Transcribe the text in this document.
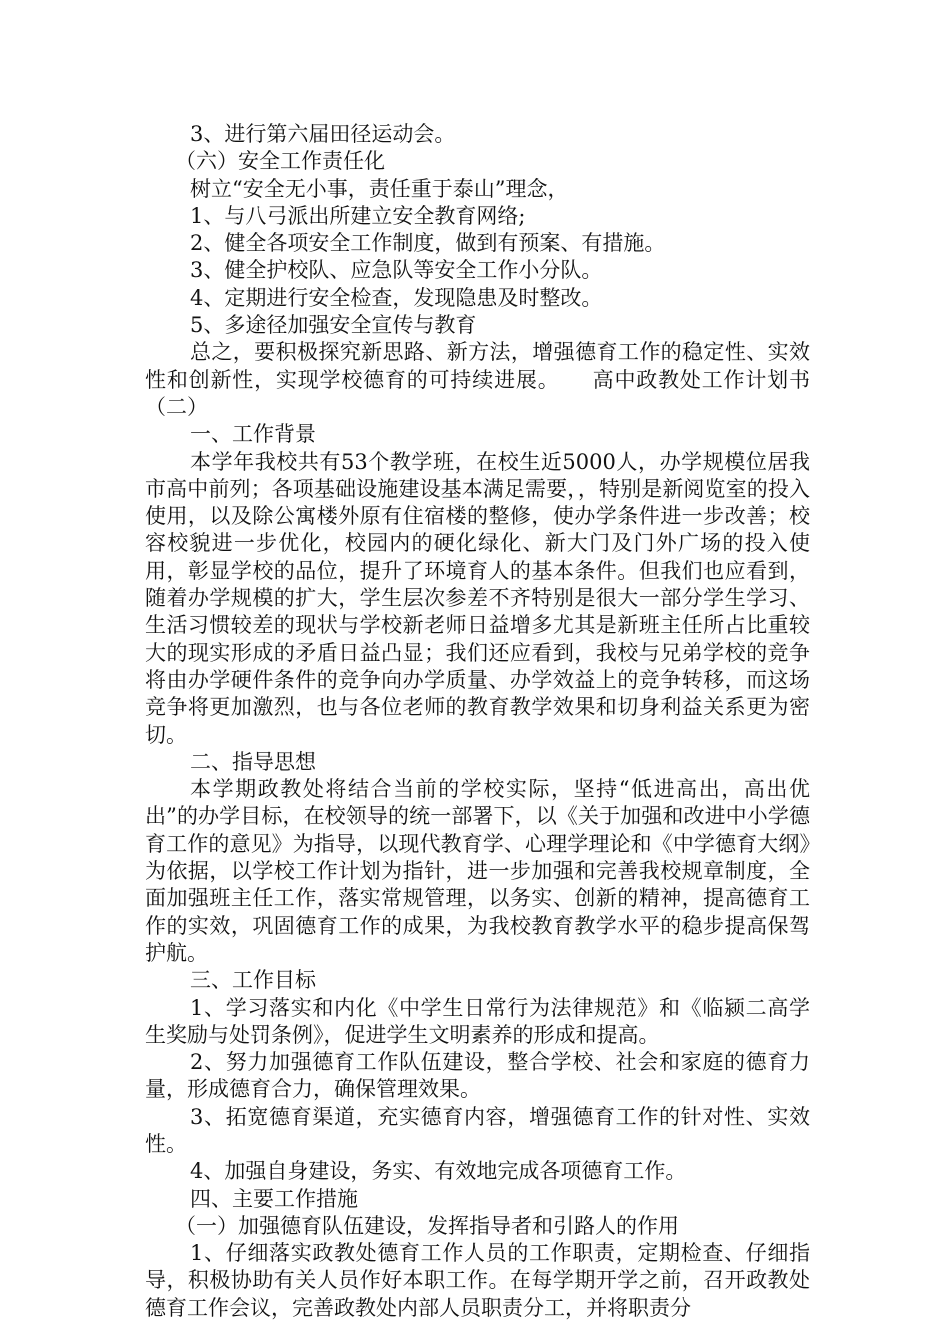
3、进行第六届田径运动会。

（六）安全工作责任化

树立“安全无小事，责任重于泰山”理念，

1、与八弓派出所建立安全教育网络;

2、健全各项安全工作制度，做到有预案、有措施。

3、健全护校队、应急队等安全工作小分队。

4、定期进行安全检查，发现隐患及时整改。

5、多途径加强安全宣传与教育

总之，要积极探究新思路、新方法，增强德育工作的稳定性、实效性和创新性，实现学校德育的可持续进展。　　高中政教处工作计划书（二）

一、工作背景

本学年我校共有53个教学班，在校生近5000人，办学规模位居我市高中前列；各项基础设施建设基本满足需要，，特别是新阅览室的投入使用，以及除公寓楼外原有住宿楼的整修，使办学条件进一步改善；校容校貌进一步优化，校园内的硬化绿化、新大门及门外广场的投入使用，彰显学校的品位，提升了环境育人的基本条件。但我们也应看到，随着办学规模的扩大，学生层次参差不齐特别是很大一部分学生学习、生活习惯较差的现状与学校新老师日益增多尤其是新班主任所占比重较大的现实形成的矛盾日益凸显；我们还应看到，我校与兄弟学校的竞争将由办学硬件条件的竞争向办学质量、办学效益上的竞争转移，而这场竞争将更加激烈，也与各位老师的教育教学效果和切身利益关系更为密切。

二、指导思想

本学期政教处将结合当前的学校实际，坚持“低进高出，高出优出”的办学目标，在校领导的统一部署下，以《关于加强和改进中小学德育工作的意见》为指导，以现代教育学、心理学理论和《中学德育大纲》为依据，以学校工作计划为指针，进一步加强和完善我校规章制度，全面加强班主任工作，落实常规管理，以务实、创新的精神，提高德育工作的实效，巩固德育工作的成果，为我校教育教学水平的稳步提高保驾护航。

三、工作目标

1、学习落实和内化《中学生日常行为法律规范》和《临颍二高学生奖励与处罚条例》，促进学生文明素养的形成和提高。

2、努力加强德育工作队伍建设，整合学校、社会和家庭的德育力量，形成德育合力，确保管理效果。

3、拓宽德育渠道，充实德育内容，增强德育工作的针对性、实效性。

4、加强自身建设，务实、有效地完成各项德育工作。

四、主要工作措施

（一）加强德育队伍建设，发挥指导者和引路人的作用

1、仔细落实政教处德育工作人员的工作职责，定期检查、仔细指导，积极协助有关人员作好本职工作。在每学期开学之前，召开政教处德育工作会议，完善政教处内部人员职责分工，并将职责分
